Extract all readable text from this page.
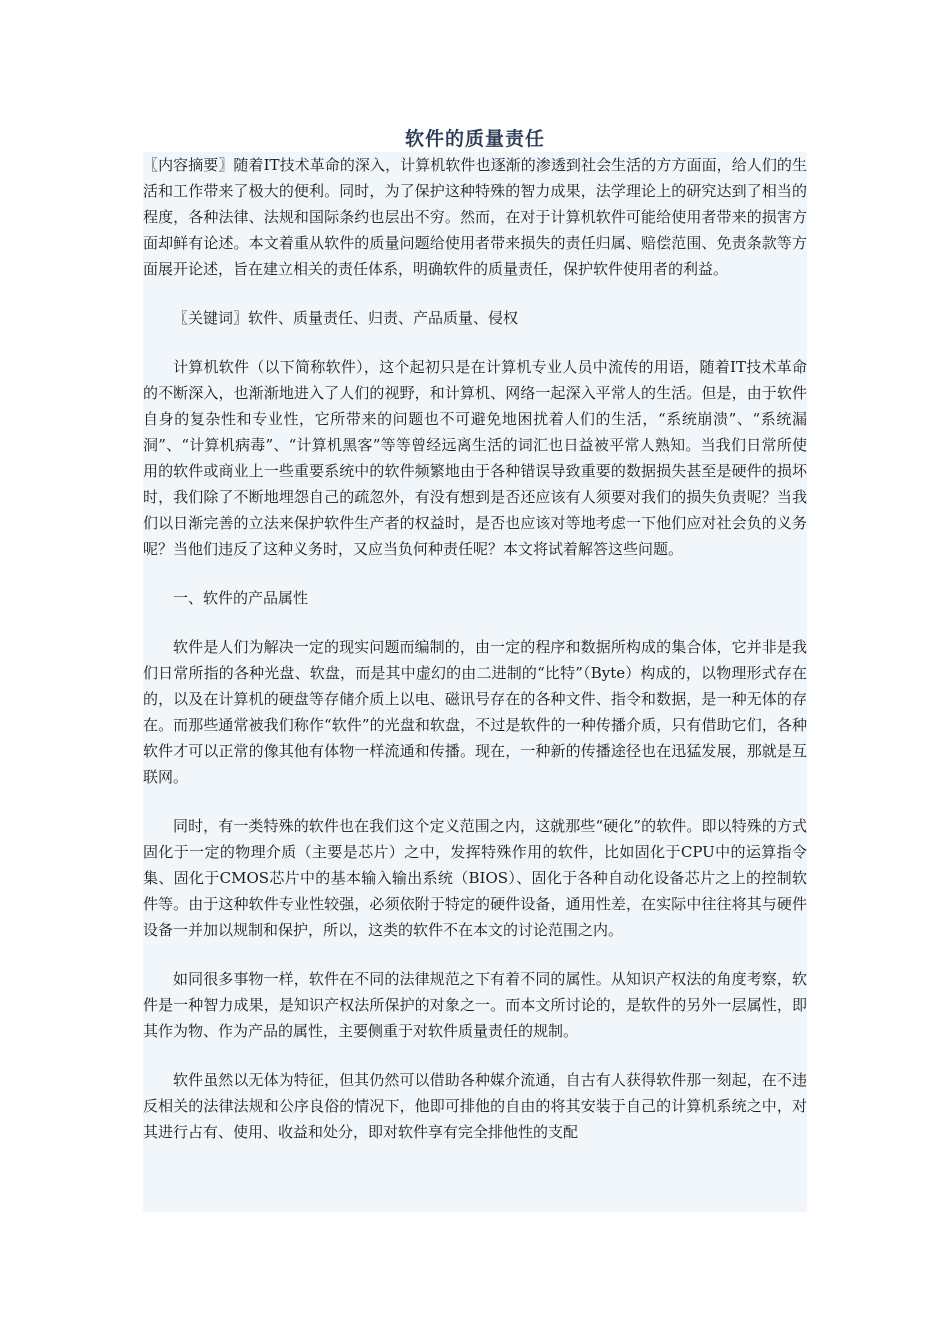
软件的质量责任

〖内容摘要〗随着IT技术革命的深入，计算机软件也逐渐的渗透到社会生活的方方面面，给人们的生活和工作带来了极大的便利。同时，为了保护这种特殊的智力成果，法学理论上的研究达到了相当的程度，各种法律、法规和国际条约也层出不穷。然而，在对于计算机软件可能给使用者带来的损害方面却鲜有论述。本文着重从软件的质量问题给使用者带来损失的责任归属、赔偿范围、免责条款等方面展开论述，旨在建立相关的责任体系，明确软件的质量责任，保护软件使用者的利益。

〖关键词〗软件、质量责任、归责、产品质量、侵权

计算机软件（以下简称软件），这个起初只是在计算机专业人员中流传的用语，随着IT技术革命的不断深入，也渐渐地进入了人们的视野，和计算机、网络一起深入平常人的生活。但是，由于软件自身的复杂性和专业性，它所带来的问题也不可避免地困扰着人们的生活，“系统崩溃”、“系统漏洞”、“计算机病毒”、“计算机黑客”等等曾经远离生活的词汇也日益被平常人熟知。当我们日常所使用的软件或商业上一些重要系统中的软件频繁地由于各种错误导致重要的数据损失甚至是硬件的损坏时，我们除了不断地埋怨自己的疏忽外，有没有想到是否还应该有人须要对我们的损失负责呢？当我们以日渐完善的立法来保护软件生产者的权益时，是否也应该对等地考虑一下他们应对社会负的义务呢？当他们违反了这种义务时，又应当负何种责任呢？本文将试着解答这些问题。

一、软件的产品属性

软件是人们为解决一定的现实问题而编制的，由一定的程序和数据所构成的集合体，它并非是我们日常所指的各种光盘、软盘，而是其中虚幻的由二进制的“比特”（Byte）构成的，以物理形式存在的，以及在计算机的硬盘等存储介质上以电、磁讯号存在的各种文件、指令和数据，是一种无体的存在。而那些通常被我们称作“软件”的光盘和软盘，不过是软件的一种传播介质，只有借助它们，各种软件才可以正常的像其他有体物一样流通和传播。现在，一种新的传播途径也在迅猛发展，那就是互联网。

同时，有一类特殊的软件也在我们这个定义范围之内，这就那些“硬化”的软件。即以特殊的方式固化于一定的物理介质（主要是芯片）之中，发挥特殊作用的软件，比如固化于CPU中的运算指令集、固化于CMOS芯片中的基本输入输出系统（BIOS）、固化于各种自动化设备芯片之上的控制软件等。由于这种软件专业性较强，必须依附于特定的硬件设备，通用性差，在实际中往往将其与硬件设备一并加以规制和保护，所以，这类的软件不在本文的讨论范围之内。

如同很多事物一样，软件在不同的法律规范之下有着不同的属性。从知识产权法的角度考察，软件是一种智力成果，是知识产权法所保护的对象之一。而本文所讨论的，是软件的另外一层属性，即其作为物、作为产品的属性，主要侧重于对软件质量责任的规制。

软件虽然以无体为特征，但其仍然可以借助各种媒介流通，自古有人获得软件那一刻起，在不违反相关的法律法规和公序良俗的情况下，他即可排他的自由的将其安装于自己的计算机系统之中，对其进行占有、使用、收益和处分，即对软件享有完全排他性的支配
